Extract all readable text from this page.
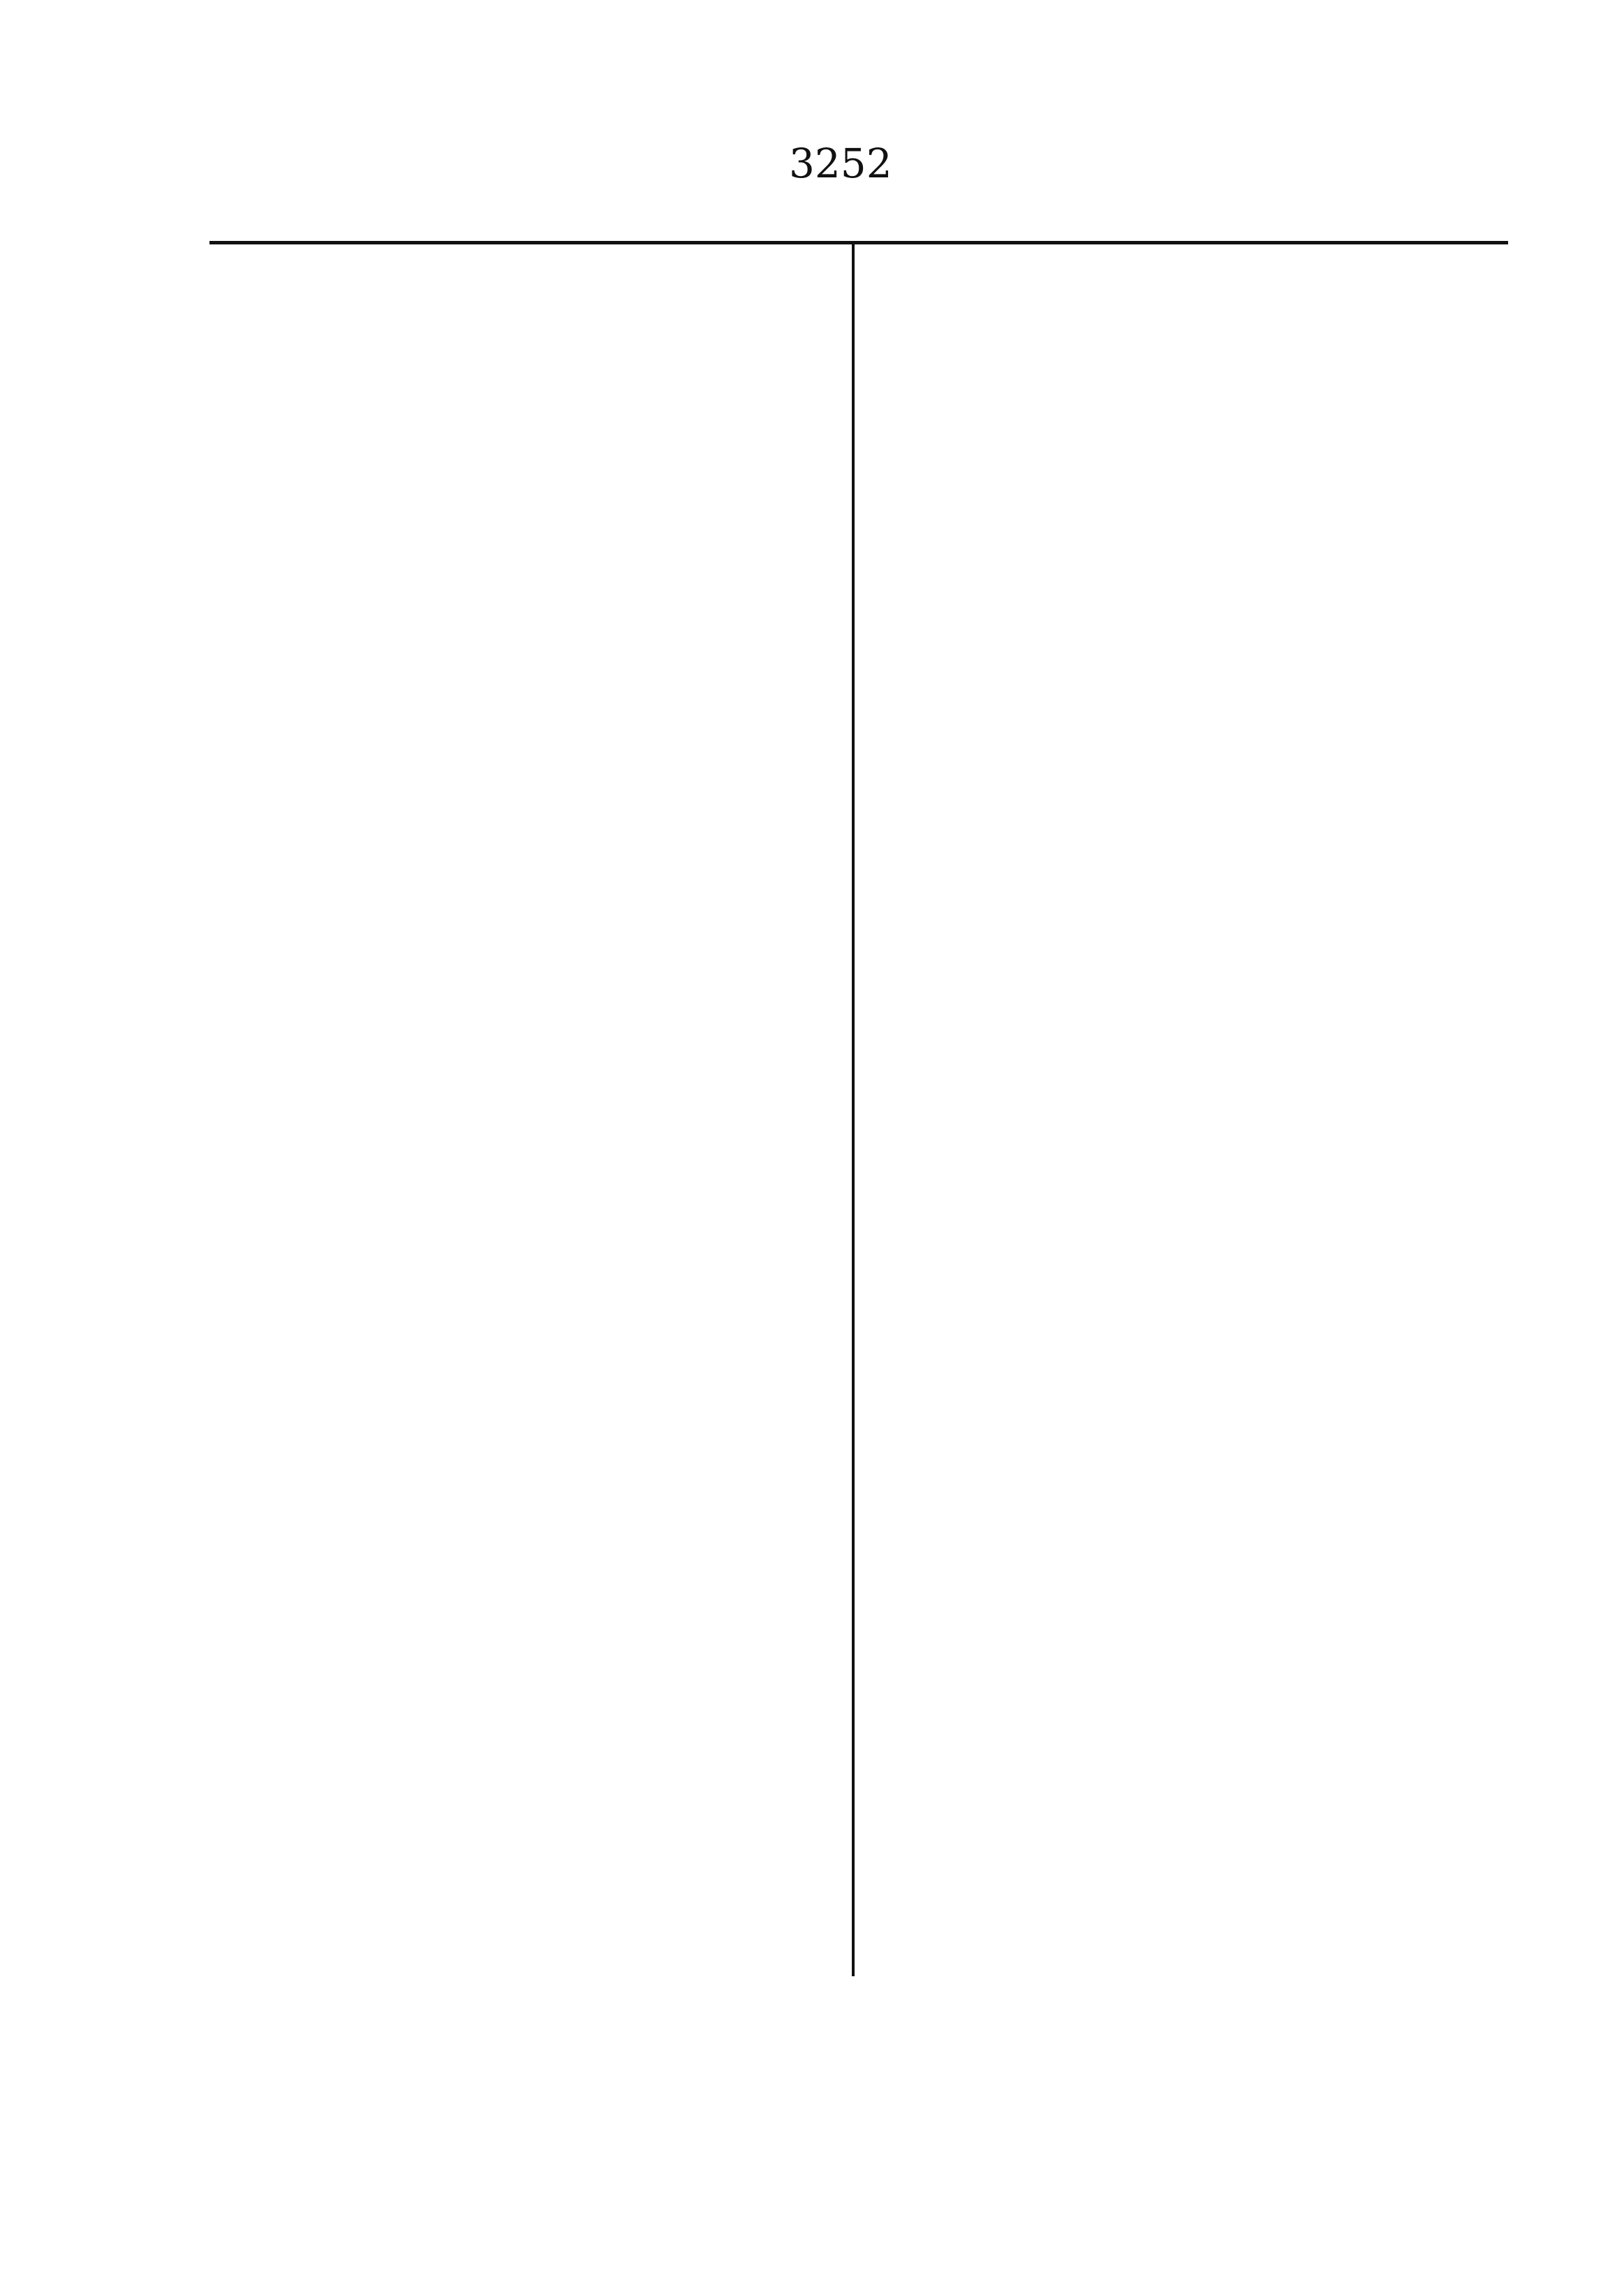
3252
